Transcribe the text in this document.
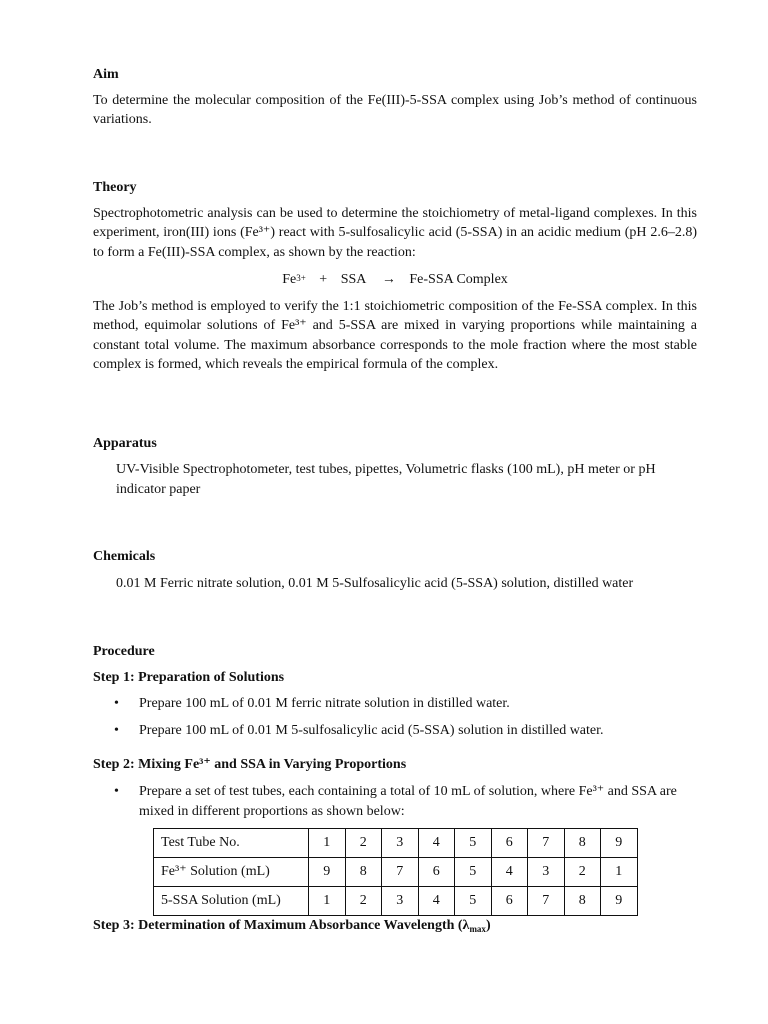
Aim
To determine the molecular composition of the Fe(III)-5-SSA complex using Job’s method of continuous variations.
Theory
Spectrophotometric analysis can be used to determine the stoichiometry of metal-ligand complexes. In this experiment, iron(III) ions (Fe³⁺) react with 5-sulfosalicylic acid (5-SSA) in an acidic medium (pH 2.6–2.8) to form a Fe(III)-SSA complex, as shown by the reaction:
$Fe^{3+}$ + SSA → Fe-SSA Complex
The Job’s method is employed to verify the 1:1 stoichiometric composition of the Fe-SSA complex. In this method, equimolar solutions of Fe³⁺ and 5-SSA are mixed in varying proportions while maintaining a constant total volume. The maximum absorbance corresponds to the mole fraction where the most stable complex is formed, which reveals the empirical formula of the complex.
Apparatus
UV-Visible Spectrophotometer, test tubes, pipettes, Volumetric flasks (100 mL), pH meter or pH indicator paper
Chemicals
0.01 M Ferric nitrate solution, 0.01 M 5-Sulfosalicylic acid (5-SSA) solution, distilled water
Procedure
Step 1: Preparation of Solutions
• Prepare 100 mL of 0.01 M ferric nitrate solution in distilled water.
• Prepare 100 mL of 0.01 M 5-sulfosalicylic acid (5-SSA) solution in distilled water.
Step 2: Mixing Fe³⁺ and SSA in Varying Proportions
• Prepare a set of test tubes, each containing a total of 10 mL of solution, where Fe³⁺ and SSA are mixed in different proportions as shown below:
Test Tube No.	1	2	3	4	5	6	7	8	9
Fe³⁺ Solution (mL)	9	8	7	6	5	4	3	2	1
5-SSA Solution (mL)	1	2	3	4	5	6	7	8	9
Step 3: Determination of Maximum Absorbance Wavelength $(\lambda_{max})$
